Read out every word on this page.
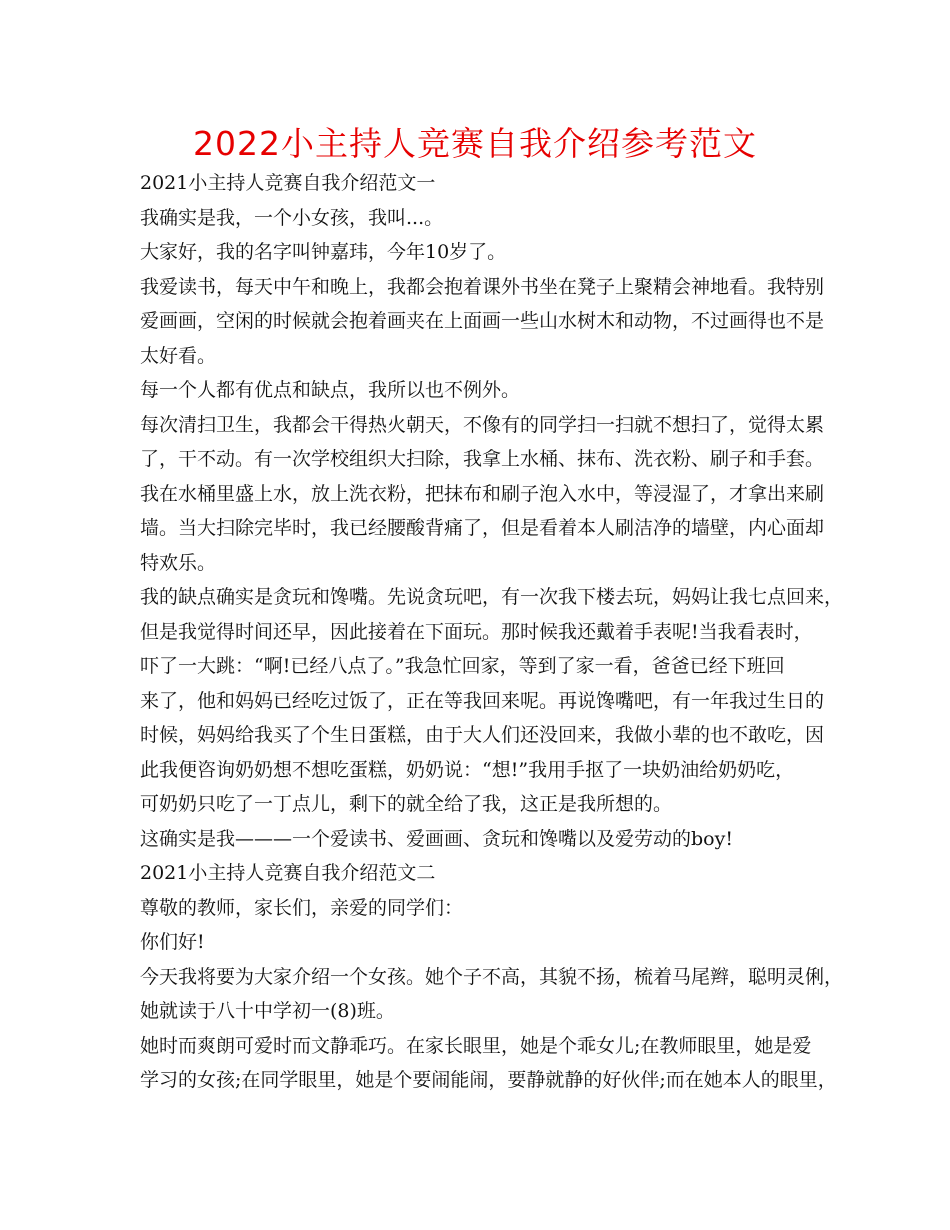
2022小主持人竞赛自我介绍参考范文
2021小主持人竞赛自我介绍范文一
我确实是我，一个小女孩，我叫...。
大家好，我的名字叫钟嘉玮，今年10岁了。
我爱读书，每天中午和晚上，我都会抱着课外书坐在凳子上聚精会神地看。我特别
爱画画，空闲的时候就会抱着画夹在上面画一些山水树木和动物，不过画得也不是
太好看。
每一个人都有优点和缺点，我所以也不例外。
每次清扫卫生，我都会干得热火朝天，不像有的同学扫一扫就不想扫了，觉得太累
了，干不动。有一次学校组织大扫除，我拿上水桶、抹布、洗衣粉、刷子和手套。
我在水桶里盛上水，放上洗衣粉，把抹布和刷子泡入水中，等浸湿了，才拿出来刷
墙。当大扫除完毕时，我已经腰酸背痛了，但是看着本人刷洁净的墙壁，内心面却
特欢乐。
我的缺点确实是贪玩和馋嘴。先说贪玩吧，有一次我下楼去玩，妈妈让我七点回来，
但是我觉得时间还早，因此接着在下面玩。那时候我还戴着手表呢!当我看表时，
吓了一大跳：“啊!已经八点了。”我急忙回家，等到了家一看，爸爸已经下班回
来了，他和妈妈已经吃过饭了，正在等我回来呢。再说馋嘴吧，有一年我过生日的
时候，妈妈给我买了个生日蛋糕，由于大人们还没回来，我做小辈的也不敢吃，因
此我便咨询奶奶想不想吃蛋糕，奶奶说：“想!”我用手抠了一块奶油给奶奶吃，
可奶奶只吃了一丁点儿，剩下的就全给了我，这正是我所想的。
这确实是我———一个爱读书、爱画画、贪玩和馋嘴以及爱劳动的boy!
2021小主持人竞赛自我介绍范文二
尊敬的教师，家长们，亲爱的同学们：
你们好!
今天我将要为大家介绍一个女孩。她个子不高，其貌不扬，梳着马尾辫，聪明灵俐，
她就读于八十中学初一(8)班。
她时而爽朗可爱时而文静乖巧。在家长眼里，她是个乖女儿;在教师眼里，她是爱
学习的女孩;在同学眼里，她是个要闹能闹，要静就静的好伙伴;而在她本人的眼里，
